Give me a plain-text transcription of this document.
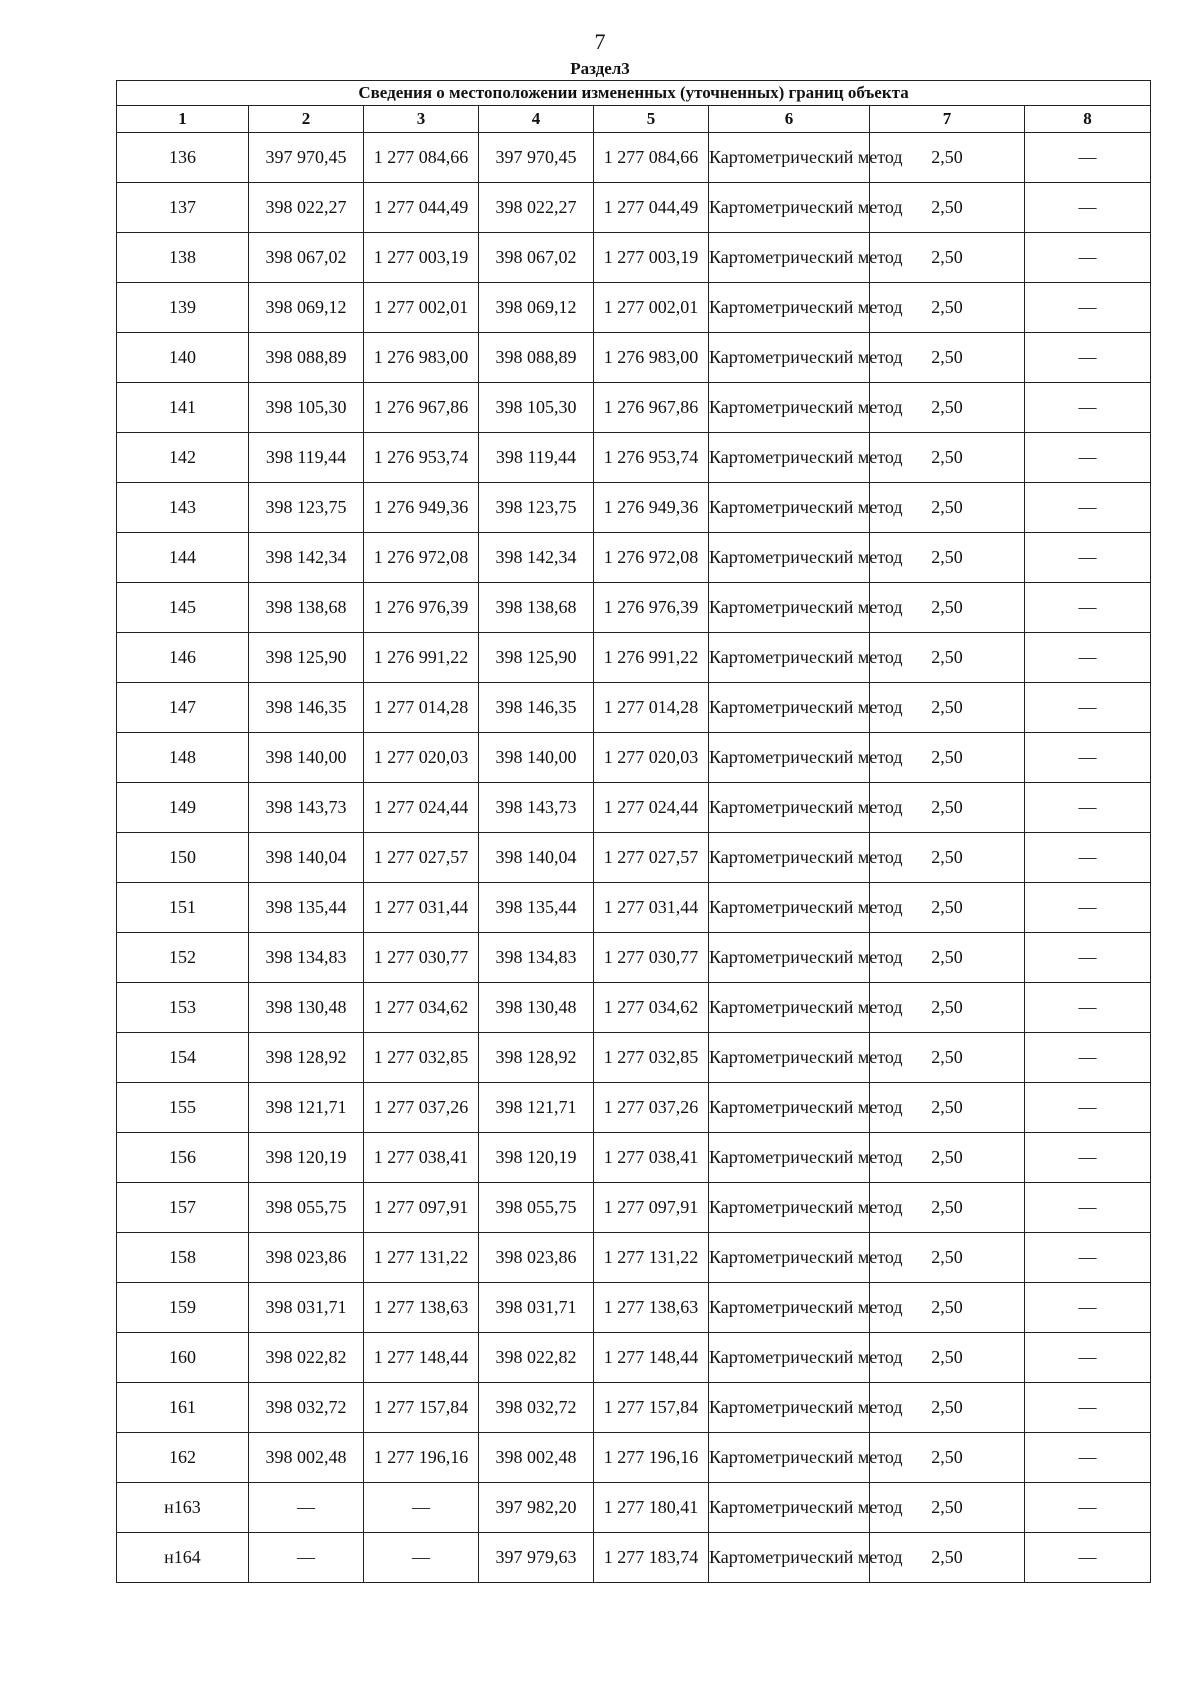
7
Раздел3
Сведения о местоположении измененных (уточненных) границ объекта							
1	2	3	4	5	6	7	8
136	397 970,45	1 277 084,66	397 970,45	1 277 084,66	Картометрический метод	2,50	—
137	398 022,27	1 277 044,49	398 022,27	1 277 044,49	Картометрический метод	2,50	—
138	398 067,02	1 277 003,19	398 067,02	1 277 003,19	Картометрический метод	2,50	—
139	398 069,12	1 277 002,01	398 069,12	1 277 002,01	Картометрический метод	2,50	—
140	398 088,89	1 276 983,00	398 088,89	1 276 983,00	Картометрический метод	2,50	—
141	398 105,30	1 276 967,86	398 105,30	1 276 967,86	Картометрический метод	2,50	—
142	398 119,44	1 276 953,74	398 119,44	1 276 953,74	Картометрический метод	2,50	—
143	398 123,75	1 276 949,36	398 123,75	1 276 949,36	Картометрический метод	2,50	—
144	398 142,34	1 276 972,08	398 142,34	1 276 972,08	Картометрический метод	2,50	—
145	398 138,68	1 276 976,39	398 138,68	1 276 976,39	Картометрический метод	2,50	—
146	398 125,90	1 276 991,22	398 125,90	1 276 991,22	Картометрический метод	2,50	—
147	398 146,35	1 277 014,28	398 146,35	1 277 014,28	Картометрический метод	2,50	—
148	398 140,00	1 277 020,03	398 140,00	1 277 020,03	Картометрический метод	2,50	—
149	398 143,73	1 277 024,44	398 143,73	1 277 024,44	Картометрический метод	2,50	—
150	398 140,04	1 277 027,57	398 140,04	1 277 027,57	Картометрический метод	2,50	—
151	398 135,44	1 277 031,44	398 135,44	1 277 031,44	Картометрический метод	2,50	—
152	398 134,83	1 277 030,77	398 134,83	1 277 030,77	Картометрический метод	2,50	—
153	398 130,48	1 277 034,62	398 130,48	1 277 034,62	Картометрический метод	2,50	—
154	398 128,92	1 277 032,85	398 128,92	1 277 032,85	Картометрический метод	2,50	—
155	398 121,71	1 277 037,26	398 121,71	1 277 037,26	Картометрический метод	2,50	—
156	398 120,19	1 277 038,41	398 120,19	1 277 038,41	Картометрический метод	2,50	—
157	398 055,75	1 277 097,91	398 055,75	1 277 097,91	Картометрический метод	2,50	—
158	398 023,86	1 277 131,22	398 023,86	1 277 131,22	Картометрический метод	2,50	—
159	398 031,71	1 277 138,63	398 031,71	1 277 138,63	Картометрический метод	2,50	—
160	398 022,82	1 277 148,44	398 022,82	1 277 148,44	Картометрический метод	2,50	—
161	398 032,72	1 277 157,84	398 032,72	1 277 157,84	Картометрический метод	2,50	—
162	398 002,48	1 277 196,16	398 002,48	1 277 196,16	Картометрический метод	2,50	—
н163	—	—	397 982,20	1 277 180,41	Картометрический метод	2,50	—
н164	—	—	397 979,63	1 277 183,74	Картометрический метод	2,50	—
